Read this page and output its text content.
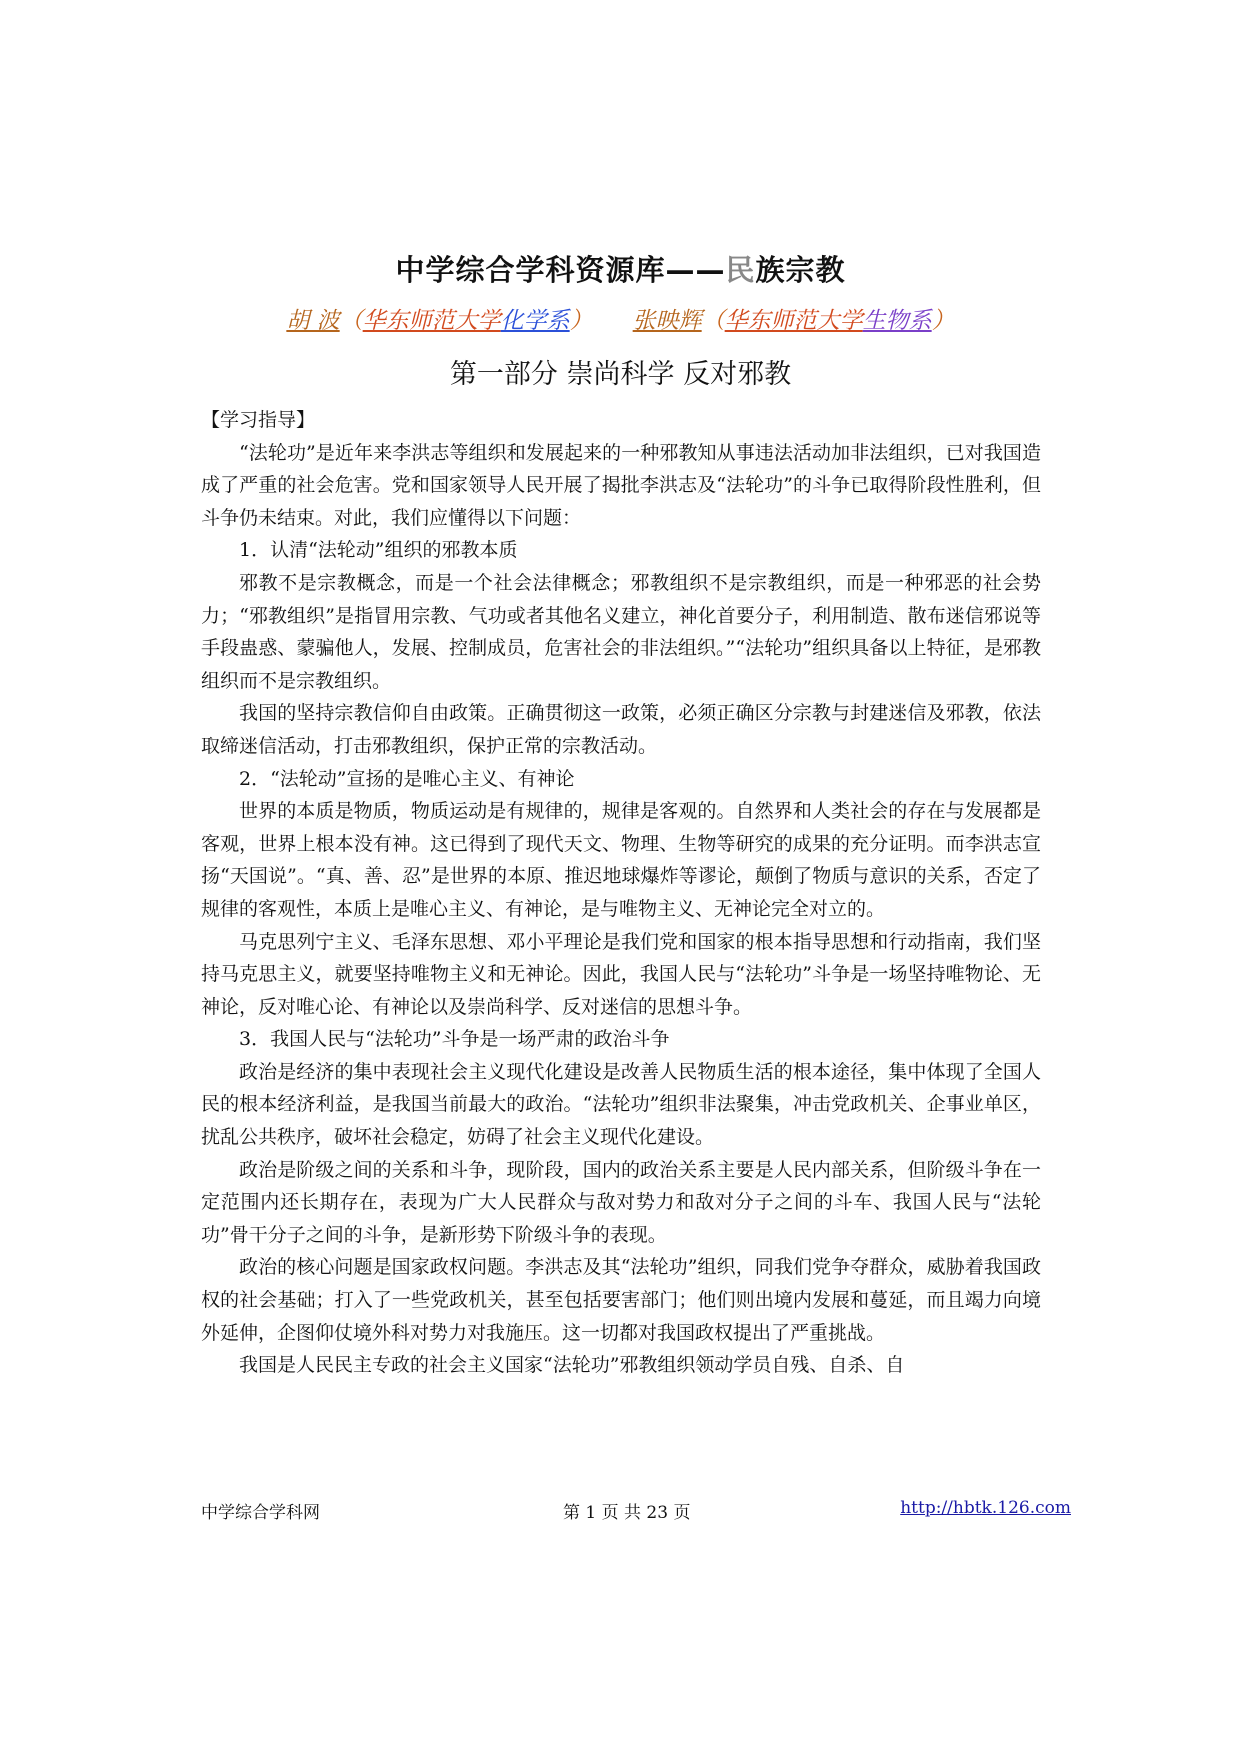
中学综合学科资源库——民族宗教
胡 波（华东师范大学化学系） 张映辉（华东师范大学生物系）
第一部分 崇尚科学 反对邪教

【学习指导】

“法轮功”是近年来李洪志等组织和发展起来的一种邪教知从事违法活动加非法组织，已对我国造成了严重的社会危害。党和国家领导人民开展了揭批李洪志及“法轮功”的斗争已取得阶段性胜利，但斗争仍未结束。对此，我们应懂得以下问题：

1．认清“法轮动”组织的邪教本质

邪教不是宗教概念，而是一个社会法律概念；邪教组织不是宗教组织，而是一种邪恶的社会势力；“邪教组织”是指冒用宗教、气功或者其他名义建立，神化首要分子，利用制造、散布迷信邪说等手段蛊惑、蒙骗他人，发展、控制成员，危害社会的非法组织。”“法轮功”组织具备以上特征，是邪教组织而不是宗教组织。

我国的坚持宗教信仰自由政策。正确贯彻这一政策，必须正确区分宗教与封建迷信及邪教，依法取缔迷信活动，打击邪教组织，保护正常的宗教活动。

2．“法轮动”宣扬的是唯心主义、有神论

世界的本质是物质，物质运动是有规律的，规律是客观的。自然界和人类社会的存在与发展都是客观，世界上根本没有神。这已得到了现代天文、物理、生物等研究的成果的充分证明。而李洪志宣扬“天国说”。“真、善、忍”是世界的本原、推迟地球爆炸等谬论，颠倒了物质与意识的关系，否定了规律的客观性，本质上是唯心主义、有神论，是与唯物主义、无神论完全对立的。

马克思列宁主义、毛泽东思想、邓小平理论是我们党和国家的根本指导思想和行动指南，我们坚持马克思主义，就要坚持唯物主义和无神论。因此，我国人民与“法轮功”斗争是一场坚持唯物论、无神论，反对唯心论、有神论以及崇尚科学、反对迷信的思想斗争。

3．我国人民与“法轮功”斗争是一场严肃的政治斗争

政治是经济的集中表现社会主义现代化建设是改善人民物质生活的根本途径，集中体现了全国人民的根本经济利益，是我国当前最大的政治。“法轮功”组织非法聚集，冲击党政机关、企事业单区，扰乱公共秩序，破坏社会稳定，妨碍了社会主义现代化建设。

政治是阶级之间的关系和斗争，现阶段，国内的政治关系主要是人民内部关系，但阶级斗争在一定范围内还长期存在，表现为广大人民群众与敌对势力和敌对分子之间的斗车、我国人民与“法轮功”骨干分子之间的斗争，是新形势下阶级斗争的表现。

政治的核心问题是国家政权问题。李洪志及其“法轮功”组织，同我们党争夺群众，威胁着我国政权的社会基础；打入了一些党政机关，甚至包括要害部门；他们则出境内发展和蔓延，而且竭力向境外延伸，企图仰仗境外科对势力对我施压。这一切都对我国政权提出了严重挑战。

我国是人民民主专政的社会主义国家“法轮功”邪教组织领动学员自残、自杀、自

中学综合学科网	第 1 页 共 23 页	http://hbtk.126.com
